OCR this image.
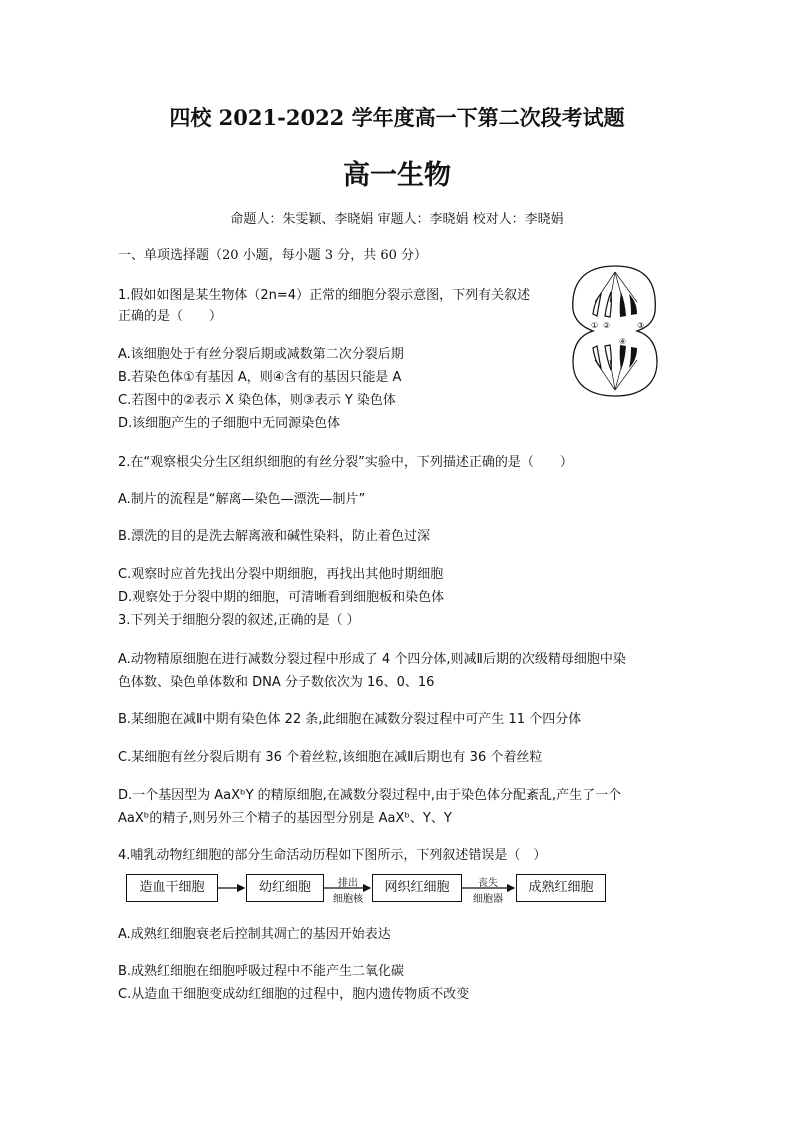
四校 2021-2022 学年度高一下第二次段考试题
高一生物
命题人：朱雯颖、李晓娟 审题人：李晓娟 校对人：李晓娟
一、单项选择题（20 小题，每小题 3 分，共 60 分）
1.假如如图是某生物体（2n=4）正常的细胞分裂示意图，下列有关叙述
正确的是（　　）
A.该细胞处于有丝分裂后期或减数第二次分裂后期
B.若染色体①有基因 A，则④含有的基因只能是 A
C.若图中的②表示 X 染色体，则③表示 Y 染色体
D.该细胞产生的子细胞中无同源染色体
① ②	③
④
2.在“观察根尖分生区组织细胞的有丝分裂”实验中，下列描述正确的是（　　）
A.制片的流程是“解离—染色—漂洗—制片”
B.漂洗的目的是洗去解离液和碱性染料，防止着色过深
C.观察时应首先找出分裂中期细胞，再找出其他时期细胞
D.观察处于分裂中期的细胞，可清晰看到细胞板和染色体
3.下列关于细胞分裂的叙述,正确的是（ ）
A.动物精原细胞在进行减数分裂过程中形成了 4 个四分体,则减Ⅱ后期的次级精母细胞中染
色体数、染色单体数和 DNA 分子数依次为 16、0、16
B.某细胞在减Ⅱ中期有染色体 22 条,此细胞在减数分裂过程中可产生 11 个四分体
C.某细胞有丝分裂后期有 36 个着丝粒,该细胞在减Ⅱ后期也有 36 个着丝粒
D.一个基因型为 AaXᵇY 的精原细胞,在减数分裂过程中,由于染色体分配紊乱,产生了一个
AaXᵇ的精子,则另外三个精子的基因型分别是 AaXᵇ、Y、Y
4.哺乳动物红细胞的部分生命活动历程如下图所示，下列叙述错误是（　）
造血干细胞	幼红细胞	网织红细胞	成熟红细胞
排出
细胞核
丧失
细胞器
A.成熟红细胞衰老后控制其凋亡的基因开始表达
B.成熟红细胞在细胞呼吸过程中不能产生二氧化碳
C.从造血干细胞变成幼红细胞的过程中，胞内遗传物质不改变
